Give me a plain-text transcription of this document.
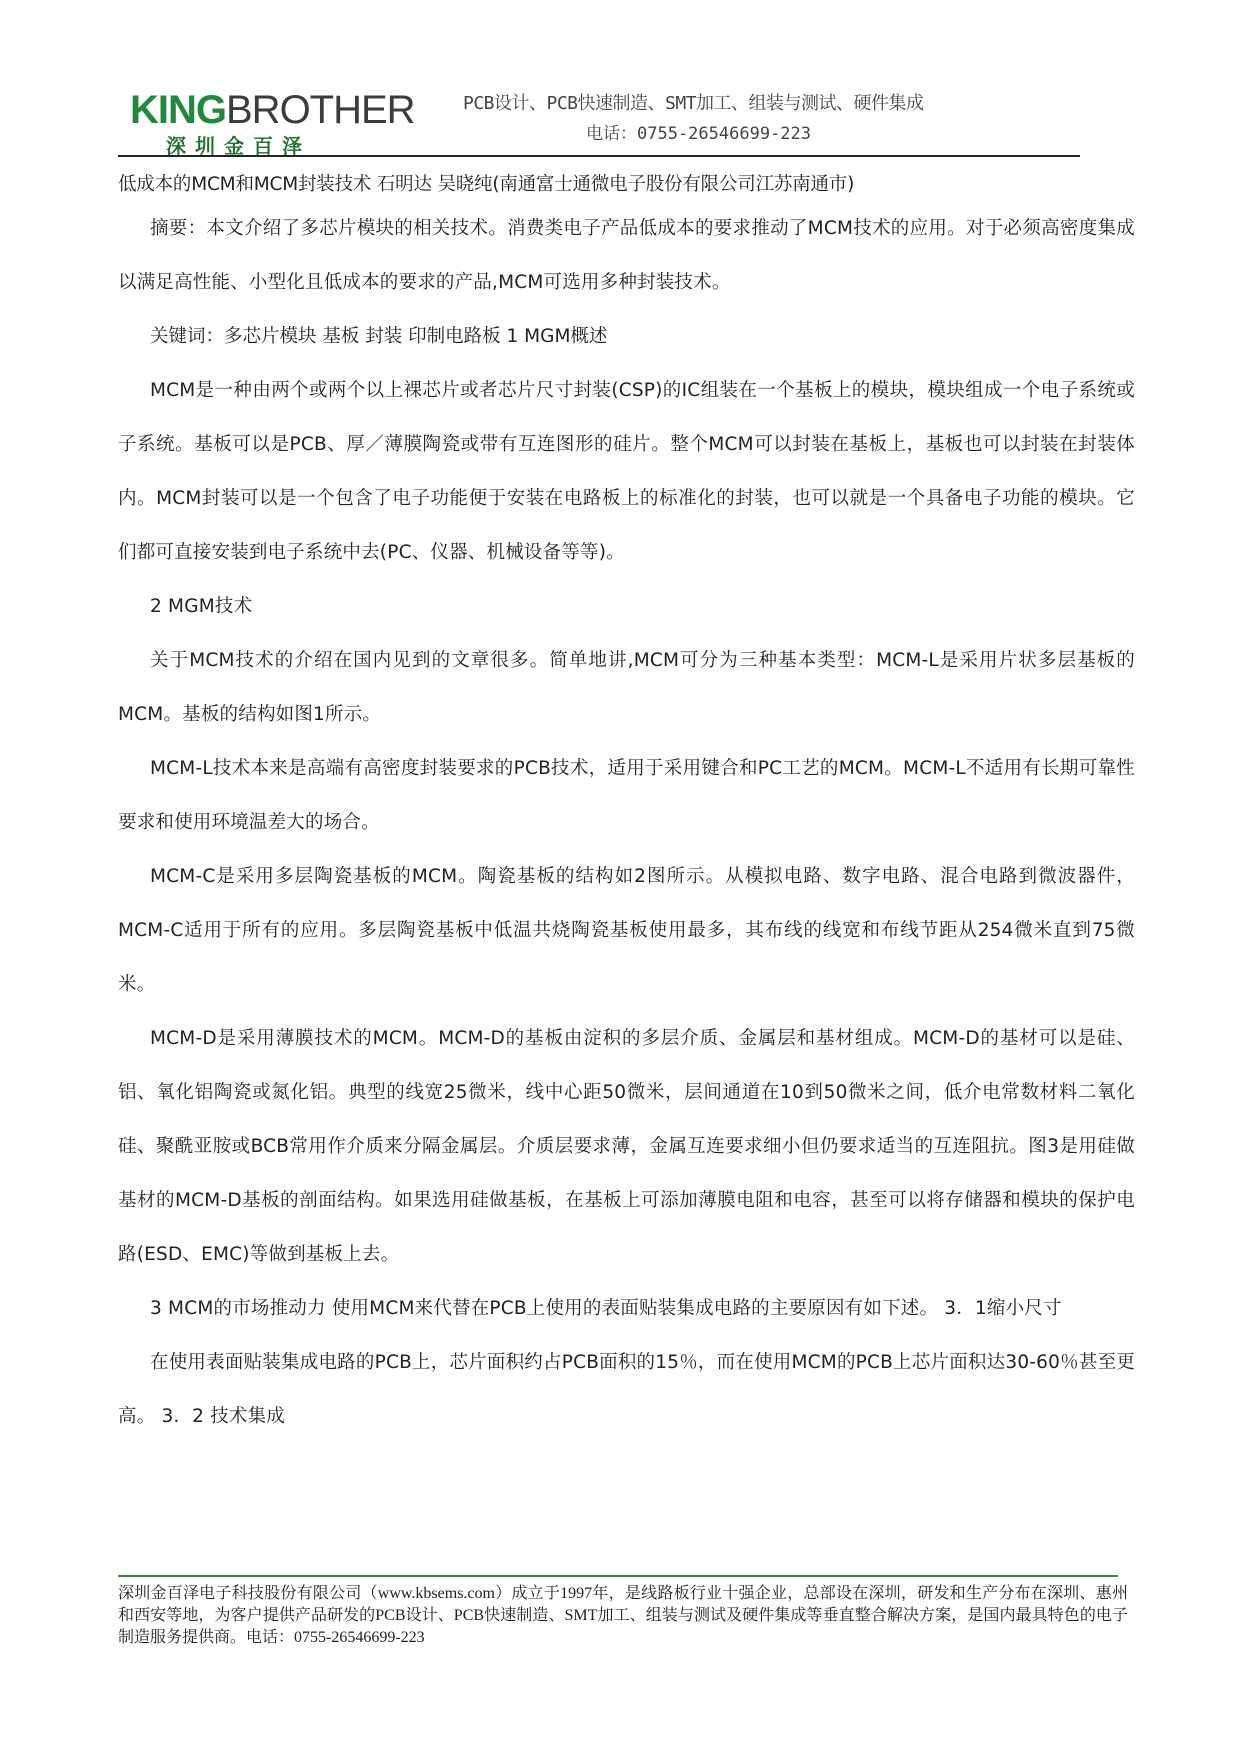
KINGBROTHER
深圳金百泽
PCB设计、PCB快速制造、SMT加工、组装与测试、硬件集成
电话：0755-26546699-223

低成本的MCM和MCM封装技术 石明达 吴晓纯(南通富士通微电子股份有限公司江苏南通市)

摘要：本文介绍了多芯片模块的相关技术。消费类电子产品低成本的要求推动了MCM技术的应用。对于必须高密度集成以满足高性能、小型化且低成本的要求的产品,MCM可选用多种封装技术。

关键词：多芯片模块 基板 封装 印制电路板 1 MGM概述

MCM是一种由两个或两个以上裸芯片或者芯片尺寸封装(CSP)的IC组装在一个基板上的模块，模块组成一个电子系统或子系统。基板可以是PCB、厚／薄膜陶瓷或带有互连图形的硅片。整个MCM可以封装在基板上，基板也可以封装在封装体内。MCM封装可以是一个包含了电子功能便于安装在电路板上的标准化的封装，也可以就是一个具备电子功能的模块。它们都可直接安装到电子系统中去(PC、仪器、机械设备等等)。

2 MGM技术

关于MCM技术的介绍在国内见到的文章很多。简单地讲,MCM可分为三种基本类型：MCM-L是采用片状多层基板的MCM。基板的结构如图1所示。

MCM-L技术本来是高端有高密度封装要求的PCB技术，适用于采用键合和PC工艺的MCM。MCM-L不适用有长期可靠性要求和使用环境温差大的场合。

MCM-C是采用多层陶瓷基板的MCM。陶瓷基板的结构如2图所示。从模拟电路、数字电路、混合电路到微波器件，MCM-C适用于所有的应用。多层陶瓷基板中低温共烧陶瓷基板使用最多，其布线的线宽和布线节距从254微米直到75微米。

MCM-D是采用薄膜技术的MCM。MCM-D的基板由淀积的多层介质、金属层和基材组成。MCM-D的基材可以是硅、铝、氧化铝陶瓷或氮化铝。典型的线宽25微米，线中心距50微米，层间通道在10到50微米之间，低介电常数材料二氧化硅、聚酰亚胺或BCB常用作介质来分隔金属层。介质层要求薄，金属互连要求细小但仍要求适当的互连阻抗。图3是用硅做基材的MCM-D基板的剖面结构。如果选用硅做基板，在基板上可添加薄膜电阻和电容，甚至可以将存储器和模块的保护电路(ESD、EMC)等做到基板上去。

3 MCM的市场推动力 使用MCM来代替在PCB上使用的表面贴装集成电路的主要原因有如下述。 3．1缩小尺寸

在使用表面贴装集成电路的PCB上，芯片面积约占PCB面积的15％，而在使用MCM的PCB上芯片面积达30-60％甚至更高。 3．2 技术集成

深圳金百泽电子科技股份有限公司（www.kbsems.com）成立于1997年，是线路板行业十强企业，总部设在深圳，研发和生产分布在深圳、惠州和西安等地，为客户提供产品研发的PCB设计、PCB快速制造、SMT加工、组装与测试及硬件集成等垂直整合解决方案，是国内最具特色的电子制造服务提供商。电话：0755-26546699-223
